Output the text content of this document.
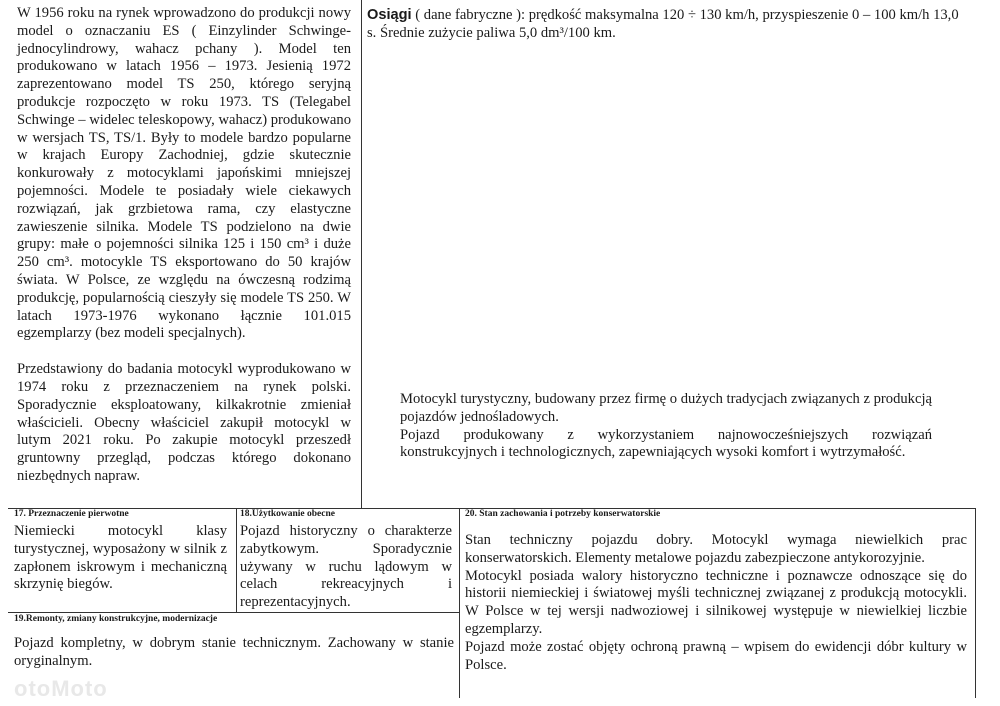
W 1956 roku na rynek wprowadzono do produkcji nowy model o oznaczaniu ES ( Einzylinder Schwinge- jednocylindrowy, wahacz pchany ). Model ten produkowano w latach 1956 – 1973. Jesienią 1972 zaprezentowano model TS 250, którego seryjną produkcje rozpoczęto w roku 1973. TS (Telegabel Schwinge – widelec teleskopowy, wahacz) produkowano w wersjach TS, TS/1. Były to modele bardzo popularne w krajach Europy Zachodniej, gdzie skutecznie konkurowały z motocyklami japońskimi mniejszej pojemności. Modele te posiadały wiele ciekawych rozwiązań, jak grzbietowa rama, czy elastyczne zawieszenie silnika. Modele TS podzielono na dwie grupy: małe o pojemności silnika 125 i 150 cm³ i duże 250 cm³. motocykle TS eksportowano do 50 krajów świata. W Polsce, ze względu na ówczesną rodzimą produkcję, popularnością cieszyły się modele TS 250. W latach 1973-1976 wykonano łącznie 101.015 egzemplarzy (bez modeli specjalnych).

Przedstawiony do badania motocykl wyprodukowano w 1974 roku z przeznaczeniem na rynek polski. Sporadycznie eksploatowany, kilkakrotnie zmieniał właścicieli. Obecny właściciel zakupił motocykl w lutym 2021 roku. Po zakupie motocykl przeszedł gruntowny przegląd, podczas którego dokonano niezbędnych napraw.

Osiągi ( dane fabryczne ): prędkość maksymalna 120 ÷ 130 km/h, przyspieszenie 0 – 100 km/h 13,0 s. Średnie zużycie paliwa 5,0 dm³/100 km.

Motocykl turystyczny, budowany przez firmę o dużych tradycjach związanych z produkcją pojazdów jednośladowych.

Pojazd produkowany z wykorzystaniem najnowocześniejszych rozwiązań konstrukcyjnych i technologicznych, zapewniających wysoki komfort i wytrzymałość.

17. Przeznaczenie pierwotne

Niemiecki motocykl klasy turystycznej, wyposażony w silnik z zapłonem iskrowym i mechaniczną skrzynię biegów.

18.Użytkowanie obecne

Pojazd historyczny o charakterze zabytkowym. Sporadycznie używany w ruchu lądowym w celach rekreacyjnych i reprezentacyjnych.

19.Remonty, zmiany konstrukcyjne, modernizacje

Pojazd kompletny, w dobrym stanie technicznym. Zachowany w stanie oryginalnym.

20. Stan zachowania i potrzeby konserwatorskie

Stan techniczny pojazdu dobry. Motocykl wymaga niewielkich prac konserwatorskich. Elementy metalowe pojazdu zabezpieczone antykorozyjnie.

Motocykl posiada walory historyczno techniczne i poznawcze odnoszące się do historii niemieckiej i światowej myśli technicznej związanej z produkcją motocykli. W Polsce w tej wersji nadwoziowej i silnikowej występuje w niewielkiej liczbie egzemplarzy.

Pojazd może zostać objęty ochroną prawną – wpisem do ewidencji dóbr kultury w Polsce.

otoMoto
